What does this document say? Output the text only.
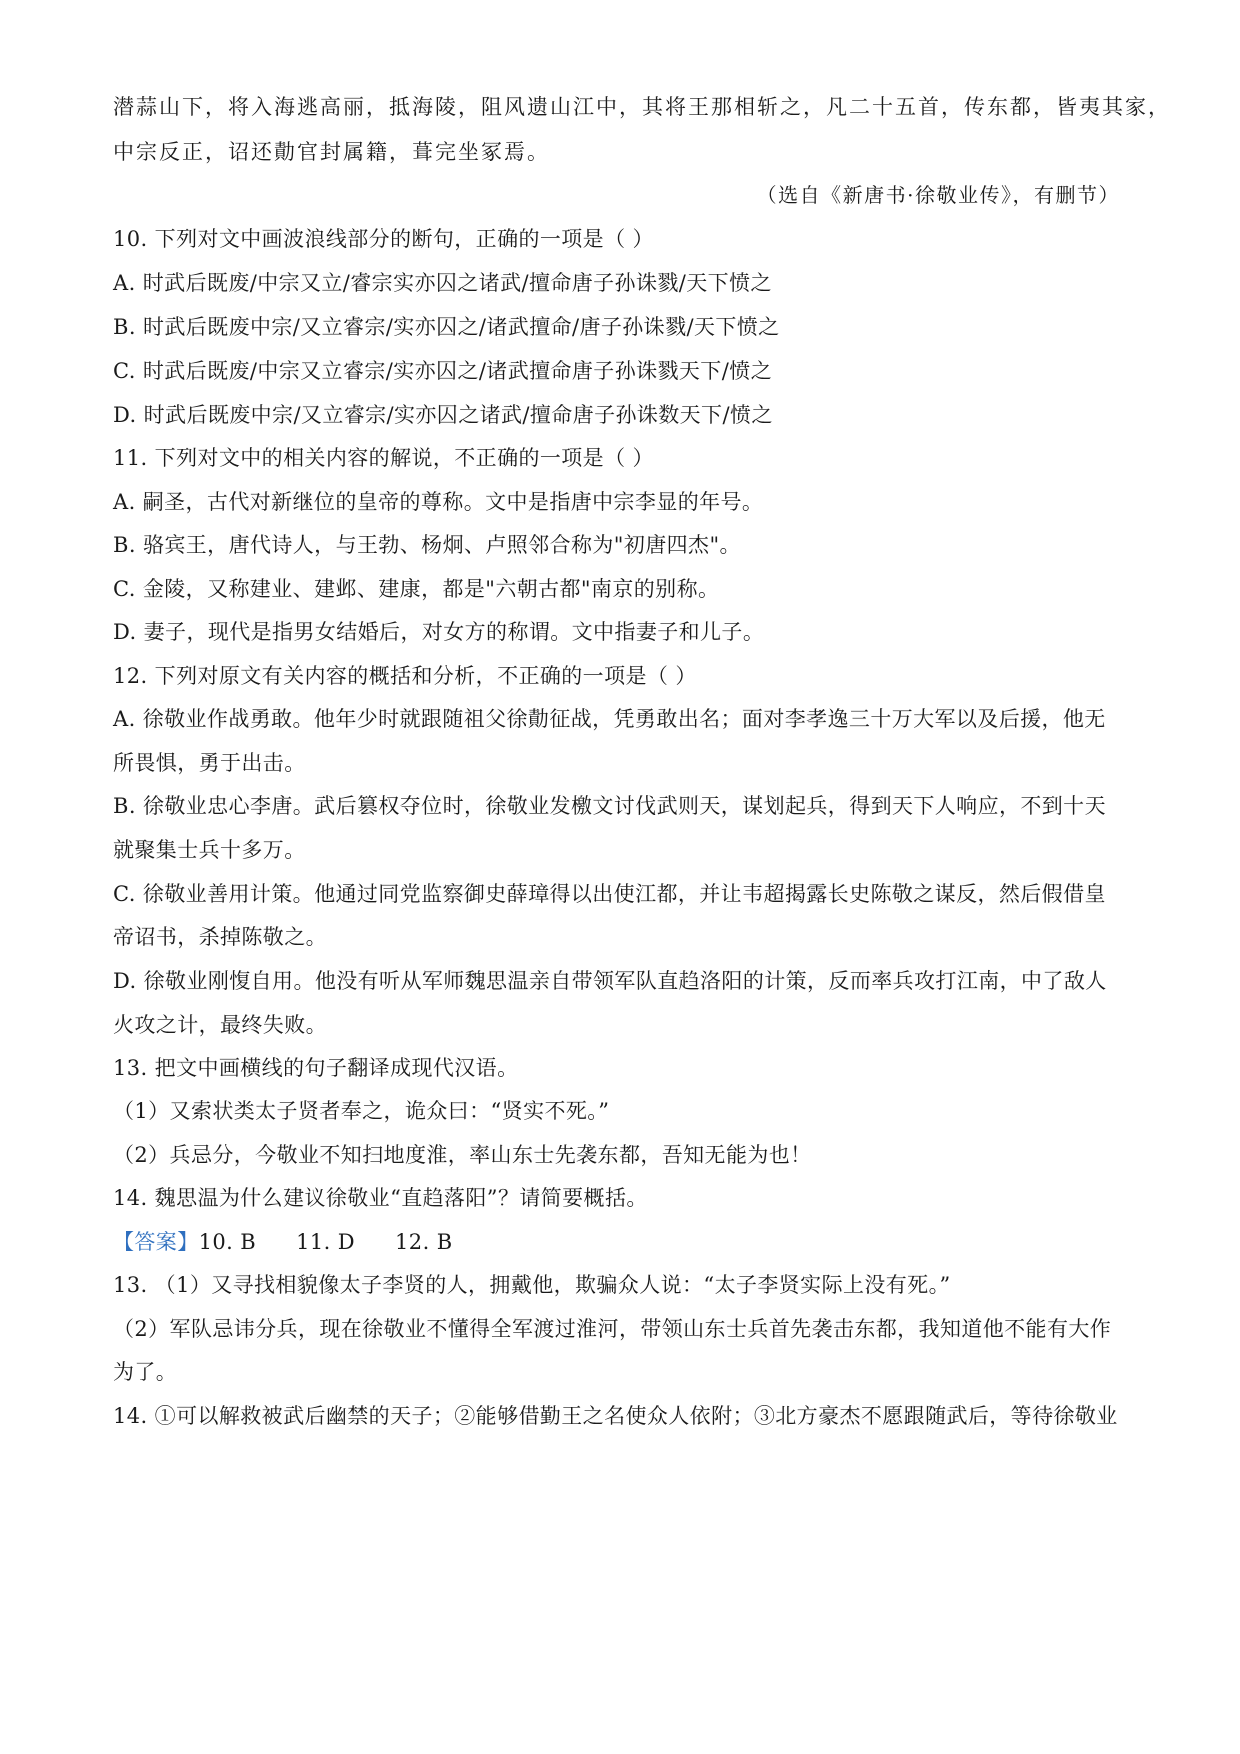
潜蒜山下，将入海逃高丽，抵海陵，阻风遗山江中，其将王那相斩之，凡二十五首，传东都，皆夷其家，
中宗反正，诏还勣官封属籍，葺完坐冢焉。
（选自《新唐书·徐敬业传》，有删节）
10. 下列对文中画波浪线部分的断句，正确的一项是（ ）
A. 时武后既废/中宗又立/睿宗实亦囚之诸武/擅命唐子孙诛戮/天下愤之
B. 时武后既废中宗/又立睿宗/实亦囚之/诸武擅命/唐子孙诛戮/天下愤之
C. 时武后既废/中宗又立睿宗/实亦囚之/诸武擅命唐子孙诛戮天下/愤之
D. 时武后既废中宗/又立睿宗/实亦囚之诸武/擅命唐子孙诛数天下/愤之
11. 下列对文中的相关内容的解说，不正确的一项是（ ）
A. 嗣圣，古代对新继位的皇帝的尊称。文中是指唐中宗李显的年号。
B. 骆宾王，唐代诗人，与王勃、杨炯、卢照邻合称为"初唐四杰"。
C. 金陵，又称建业、建邺、建康，都是"六朝古都"南京的别称。
D. 妻子，现代是指男女结婚后，对女方的称谓。文中指妻子和儿子。
12. 下列对原文有关内容的概括和分析，不正确的一项是（ ）
A. 徐敬业作战勇敢。他年少时就跟随祖父徐勣征战，凭勇敢出名；面对李孝逸三十万大军以及后援，他无
所畏惧，勇于出击。
B. 徐敬业忠心李唐。武后篡权夺位时，徐敬业发檄文讨伐武则天，谋划起兵，得到天下人响应，不到十天
就聚集士兵十多万。
C. 徐敬业善用计策。他通过同党监察御史薛璋得以出使江都，并让韦超揭露长史陈敬之谋反，然后假借皇
帝诏书，杀掉陈敬之。
D. 徐敬业刚愎自用。他没有听从军师魏思温亲自带领军队直趋洛阳的计策，反而率兵攻打江南，中了敌人
火攻之计，最终失败。
13. 把文中画横线的句子翻译成现代汉语。
（1）又索状类太子贤者奉之，诡众曰：“贤实不死。”
（2）兵忌分，今敬业不知扫地度淮，率山东士先袭东都，吾知无能为也！
14. 魏思温为什么建议徐敬业“直趋落阳”？请简要概括。
【答案】10. B 11. D 12. B
13. （1）又寻找相貌像太子李贤的人，拥戴他，欺骗众人说：“太子李贤实际上没有死。”
（2）军队忌讳分兵，现在徐敬业不懂得全军渡过淮河，带领山东士兵首先袭击东都，我知道他不能有大作
为了。
14. ①可以解救被武后幽禁的天子；②能够借勤王之名使众人依附；③北方豪杰不愿跟随武后，等待徐敬业
